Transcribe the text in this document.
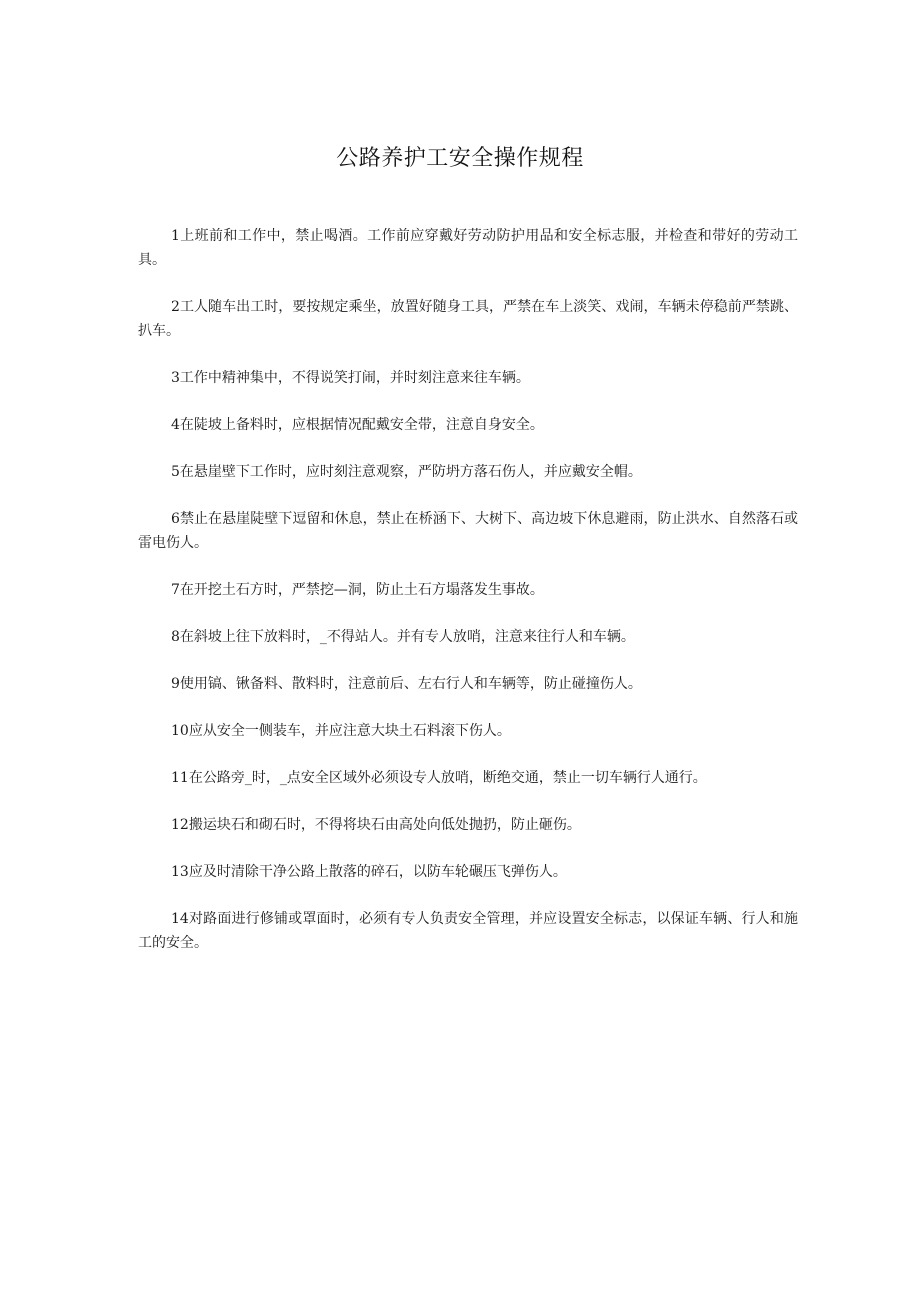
公路养护工安全操作规程

1上班前和工作中，禁止喝酒。工作前应穿戴好劳动防护用品和安全标志服，并检查和带好的劳动工具。

2工人随车出工时，要按规定乘坐，放置好随身工具，严禁在车上淡笑、戏闹，车辆未停稳前严禁跳、扒车。

3工作中精神集中，不得说笑打闹，并时刻注意来往车辆。

4在陡坡上备料时，应根据情况配戴安全带，注意自身安全。

5在悬崖壁下工作时，应时刻注意观察，严防坍方落石伤人，并应戴安全帽。

6禁止在悬崖陡壁下逗留和休息，禁止在桥涵下、大树下、高边坡下休息避雨，防止洪水、自然落石或雷电伤人。

7在开挖土石方时，严禁挖—洞，防止土石方塌落发生事故。

8在斜坡上往下放料时，_不得站人。并有专人放哨，注意来往行人和车辆。

9使用镐、锹备料、散料时，注意前后、左右行人和车辆等，防止碰撞伤人。

10应从安全一侧装车，并应注意大块土石料滚下伤人。

11在公路旁_时，_点安全区域外必须设专人放哨，断绝交通，禁止一切车辆行人通行。

12搬运块石和砌石时，不得将块石由高处向低处抛扔，防止砸伤。

13应及时清除干净公路上散落的碎石，以防车轮碾压飞弹伤人。

14对路面进行修铺或罩面时，必须有专人负责安全管理，并应设置安全标志，以保证车辆、行人和施工的安全。
